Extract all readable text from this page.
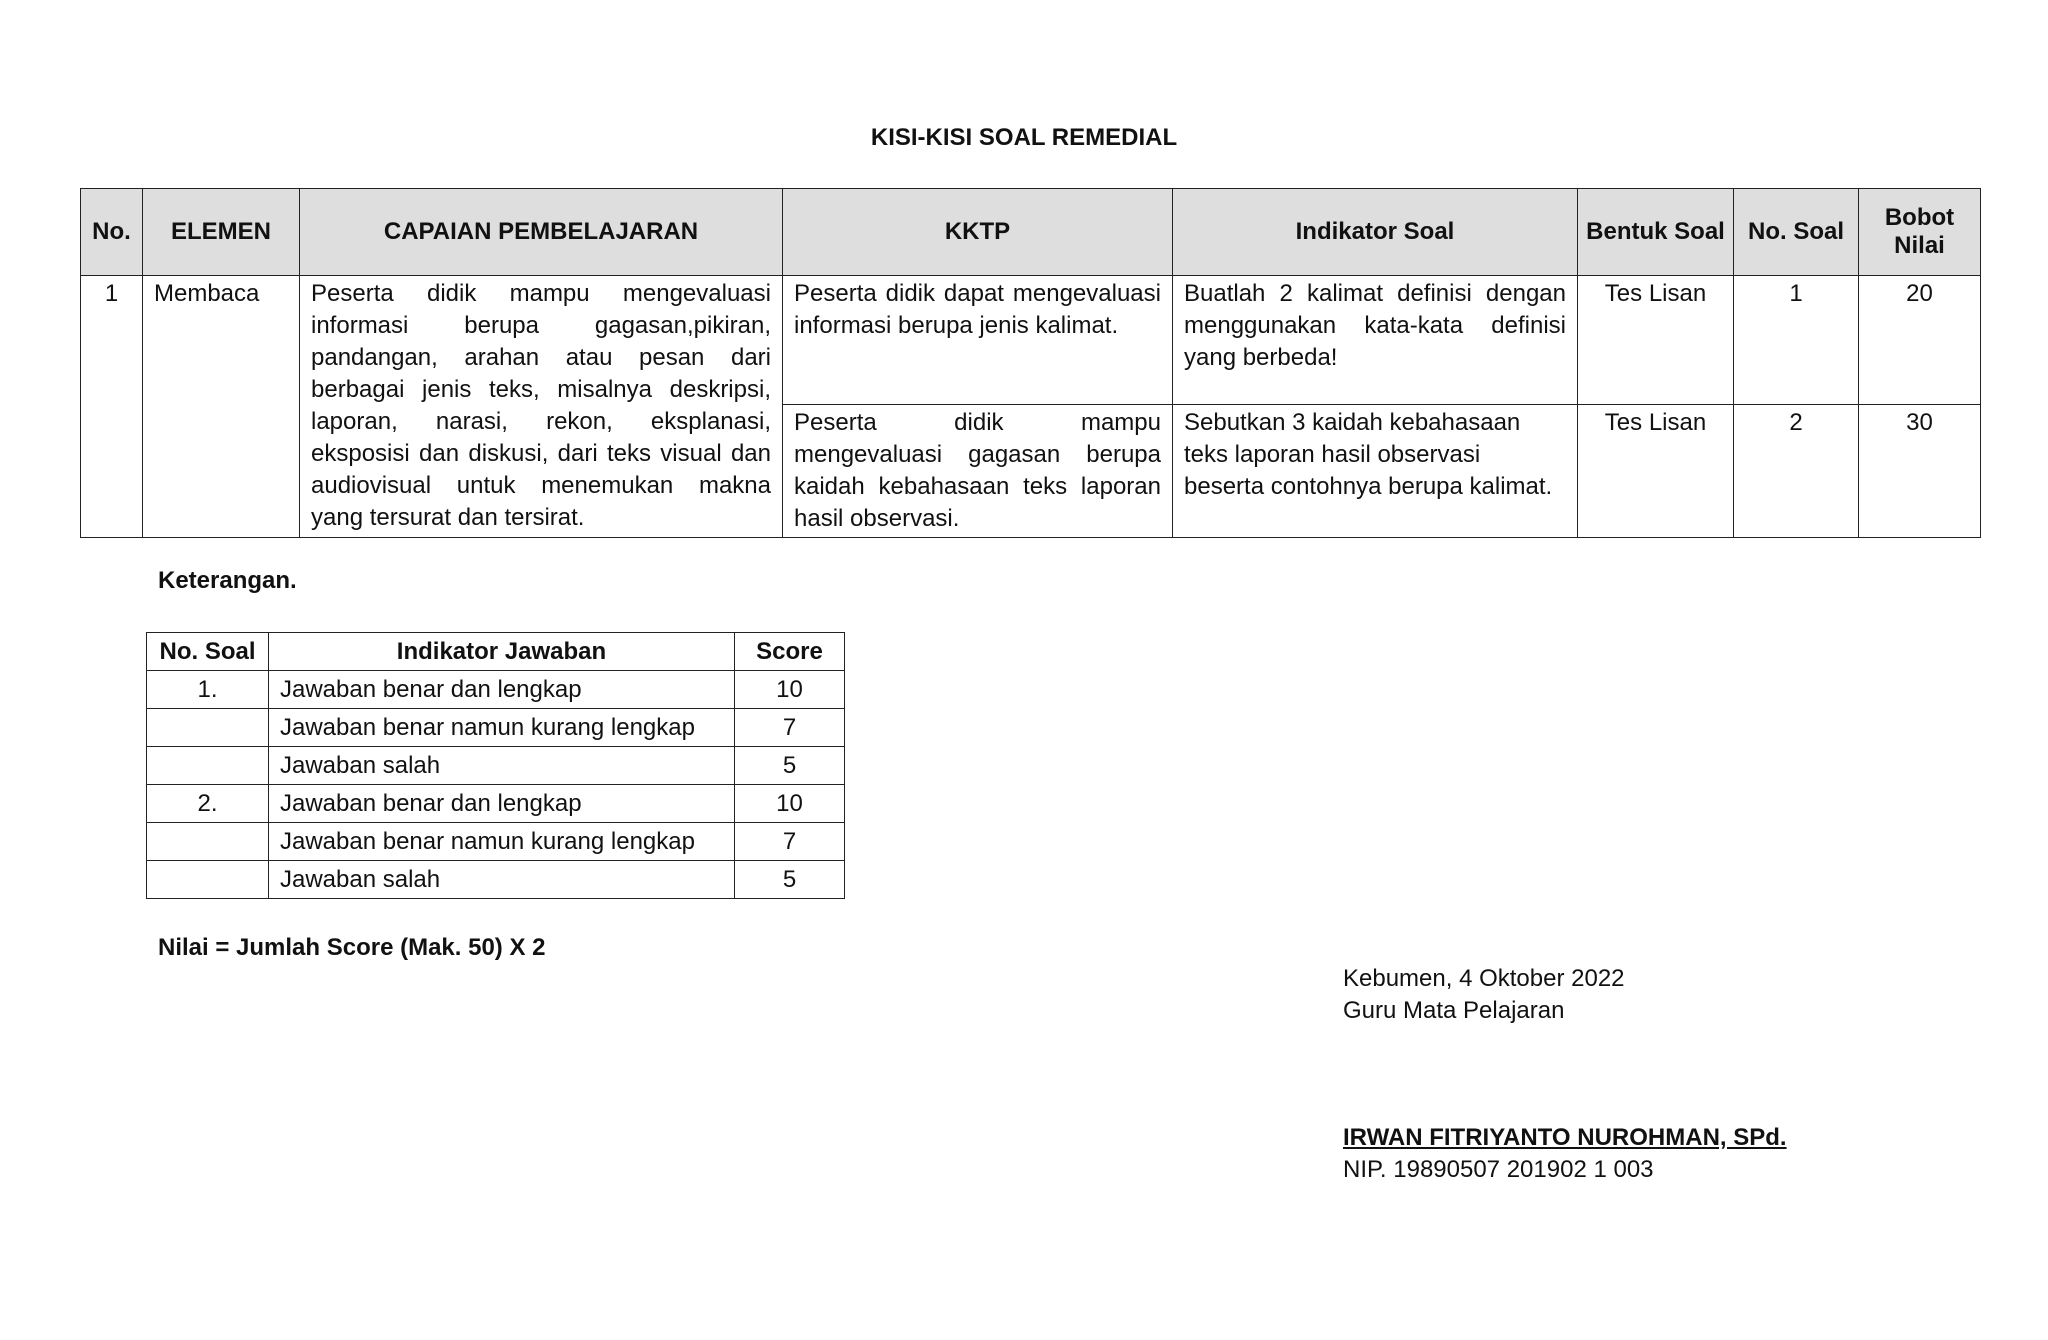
KISI-KISI SOAL REMEDIAL
No.	ELEMEN	CAPAIAN PEMBELAJARAN	KKTP	Indikator Soal	Bentuk Soal	No. Soal	Bobot Nilai
1	Membaca	Peserta didik mampu mengevaluasi informasi berupa gagasan,pikiran, pandangan, arahan atau pesan dari berbagai jenis teks, misalnya deskripsi, laporan, narasi, rekon, eksplanasi, eksposisi dan diskusi, dari teks visual dan audiovisual untuk menemukan makna yang tersurat dan tersirat.	Peserta didik dapat mengevaluasi informasi berupa jenis kalimat.	Buatlah 2 kalimat definisi dengan menggunakan kata-kata definisi yang berbeda!	Tes Lisan	1	20
			Peserta didik mampu mengevaluasi gagasan berupa kaidah kebahasaan teks laporan hasil observasi.	Sebutkan 3 kaidah kebahasaan teks laporan hasil observasi beserta contohnya berupa kalimat.	Tes Lisan	2	30
Keterangan.
No. Soal	Indikator Jawaban	Score
1.	Jawaban benar dan lengkap	10
	Jawaban benar namun kurang lengkap	7
	Jawaban salah	5
2.	Jawaban benar dan lengkap	10
	Jawaban benar namun kurang lengkap	7
	Jawaban salah	5
Nilai = Jumlah Score (Mak. 50) X 2
Kebumen, 4 Oktober 2022
Guru Mata Pelajaran
IRWAN FITRIYANTO NUROHMAN, SPd.
NIP. 19890507 201902 1 003
